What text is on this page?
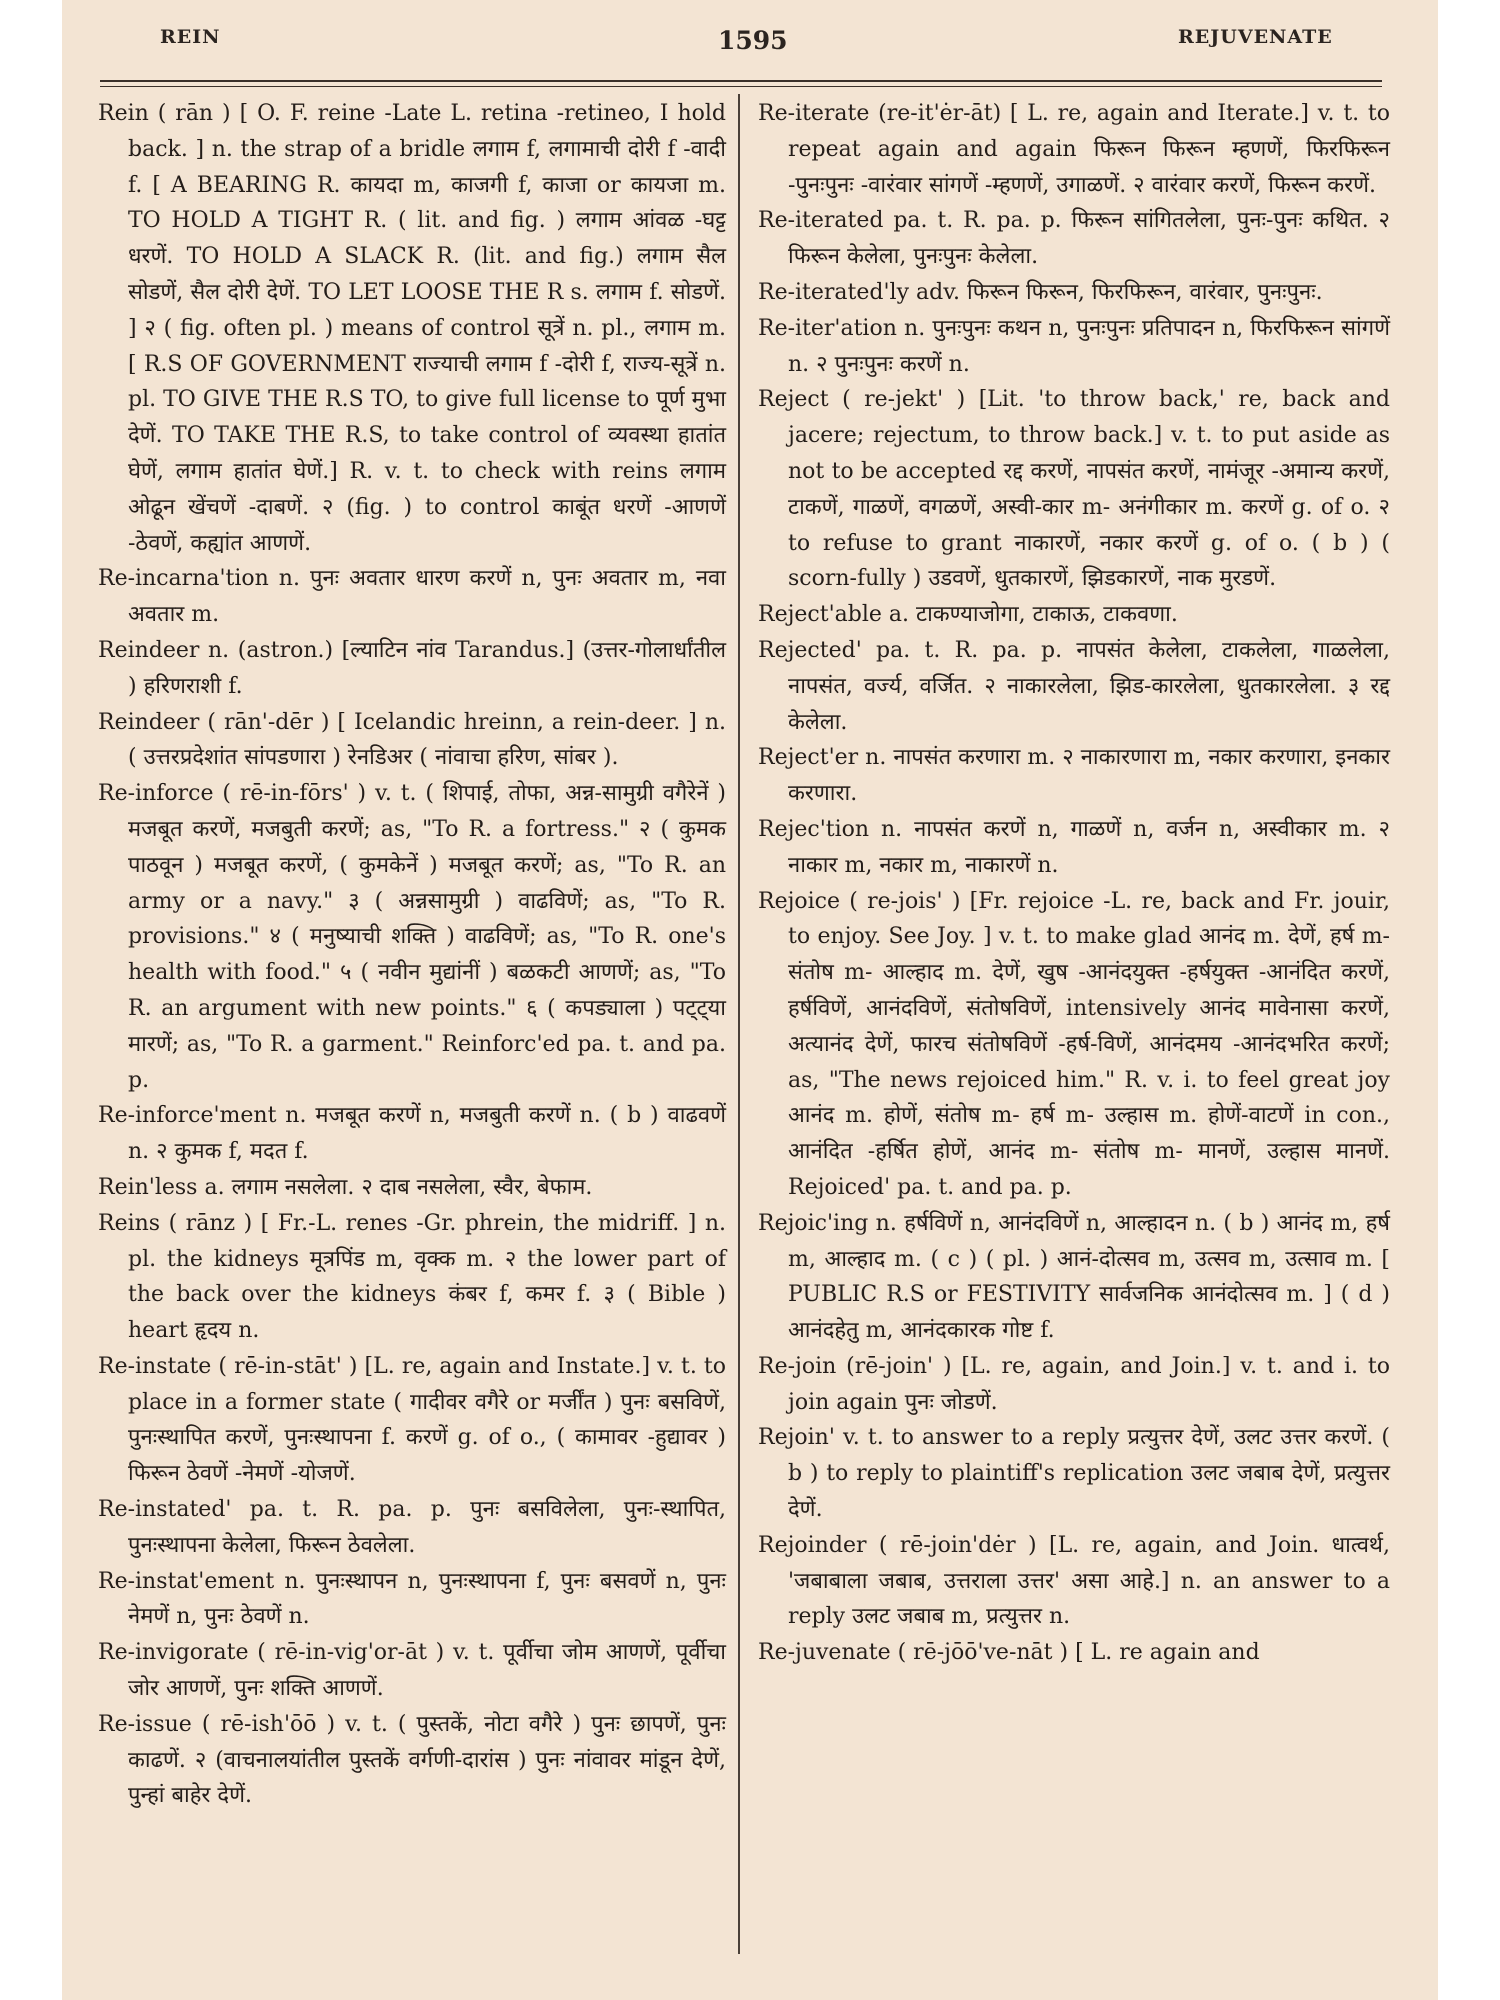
REIN	1595	REJUVENATE

Rein ( rān ) [ O. F. reine -Late L. retina -retineo, I hold back. ] n. the strap of a bridle लगाम f, लगामाची दोरी f -वादी f. [ A BEARING R. कायदा m, काजगी f, काजा or कायजा m. TO HOLD A TIGHT R. ( lit. and fig. ) लगाम आंवळ -घट्ट धरणें. TO HOLD A SLACK R. (lit. and fig.) लगाम सैल सोडणें, सैल दोरी देणें. TO LET LOOSE THE R s. लगाम f. सोडणें. ] २ ( fig. often pl. ) means of control सूत्रें n. pl., लगाम m. [ R.S OF GOVERNMENT राज्याची लगाम f -दोरी f, राज्य-सूत्रें n. pl. TO GIVE THE R.S TO, to give full license to पूर्ण मुभा देणें. TO TAKE THE R.S, to take control of व्यवस्था हातांत घेणें, लगाम हातांत घेणें.] R. v. t. to check with reins लगाम ओढून खेंचणें -दाबणें. २ (fig. ) to control काबूंत धरणें -आणणें -ठेवणें, कह्यांत आणणें.

Re-incarna'tion n. पुनः अवतार धारण करणें n, पुनः अवतार m, नवा अवतार m.

Reindeer n. (astron.) [ल्याटिन नांव Tarandus.] (उत्तर-गोलार्धांतील ) हरिणराशी f.

Reindeer ( rān'-dēr ) [ Icelandic hreinn, a rein-deer. ] n. ( उत्तरप्रदेशांत सांपडणारा ) रेनडिअर ( नांवाचा हरिण, सांबर ).

Re-inforce ( rē-in-fōrs' ) v. t. ( शिपाई, तोफा, अन्न-सामुग्री वगैरेनें ) मजबूत करणें, मजबुती करणें; as, "To R. a fortress." २ ( कुमक पाठवून ) मजबूत करणें, ( कुमकेनें ) मजबूत करणें; as, "To R. an army or a navy." ३ ( अन्नसामुग्री ) वाढविणें; as, "To R. provisions." ४ ( मनुष्याची शक्ति ) वाढविणें; as, "To R. one's health with food." ५ ( नवीन मुद्यांनीं ) बळकटी आणणें; as, "To R. an argument with new points." ६ ( कपड्याला ) पट्ट्या मारणें; as, "To R. a garment." Reinforc'ed pa. t. and pa. p.

Re-inforce'ment n. मजबूत करणें n, मजबुती करणें n. ( b ) वाढवणें n. २ कुमक f, मदत f.

Rein'less a. लगाम नसलेला. २ दाब नसलेला, स्वैर, बेफाम.

Reins ( rānz ) [ Fr.-L. renes -Gr. phrein, the midriff. ] n. pl. the kidneys मूत्रपिंड m, वृक्क m. २ the lower part of the back over the kidneys कंबर f, कमर f. ३ ( Bible ) heart हृदय n.

Re-instate ( rē-in-stāt' ) [L. re, again and Instate.] v. t. to place in a former state ( गादीवर वगैरे or मर्जींत ) पुनः बसविणें, पुनःस्थापित करणें, पुनःस्थापना f. करणें g. of o., ( कामावर -हुद्यावर ) फिरून ठेवणें -नेमणें -योजणें.

Re-instated' pa. t. R. pa. p. पुनः बसविलेला, पुनः-स्थापित, पुनःस्थापना केलेला, फिरून ठेवलेला.

Re-instat'ement n. पुनःस्थापन n, पुनःस्थापना f, पुनः बसवणें n, पुनः नेमणें n, पुनः ठेवणें n.

Re-invigorate ( rē-in-vig'or-āt ) v. t. पूर्वीचा जोम आणणें, पूर्वीचा जोर आणणें, पुनः शक्ति आणणें.

Re-issue ( rē-ish'ōō ) v. t. ( पुस्तकें, नोटा वगैरे ) पुनः छापणें, पुनः काढणें. २ (वाचनालयांतील पुस्तकें वर्गणी-दारांस ) पुनः नांवावर मांडून देणें, पुन्हां बाहेर देणें.

Re-iterate (re-it'ėr-āt) [ L. re, again and Iterate.] v. t. to repeat again and again फिरून फिरून म्हणणें, फिरफिरून -पुनःपुनः -वारंवार सांगणें -म्हणणें, उगाळणें. २ वारंवार करणें, फिरून करणें.

Re-iterated pa. t. R. pa. p. फिरून सांगितलेला, पुनः-पुनः कथित. २ फिरून केलेला, पुनःपुनः केलेला.

Re-iterated'ly adv. फिरून फिरून, फिरफिरून, वारंवार, पुनःपुनः.

Re-iter'ation n. पुनःपुनः कथन n, पुनःपुनः प्रतिपादन n, फिरफिरून सांगणें n. २ पुनःपुनः करणें n.

Reject ( re-jekt' ) [Lit. 'to throw back,' re, back and jacere; rejectum, to throw back.] v. t. to put aside as not to be accepted रद्द करणें, नापसंत करणें, नामंजूर -अमान्य करणें, टाकणें, गाळणें, वगळणें, अस्वी-कार m- अनंगीकार m. करणें g. of o. २ to refuse to grant नाकारणें, नकार करणें g. of o. ( b ) ( scorn-fully ) उडवणें, धुतकारणें, झिडकारणें, नाक मुरडणें.

Reject'able a. टाकण्याजोगा, टाकाऊ, टाकवणा.

Rejected' pa. t. R. pa. p. नापसंत केलेला, टाकलेला, गाळलेला, नापसंत, वर्ज्य, वर्जित. २ नाकारलेला, झिड-कारलेला, धुतकारलेला. ३ रद्द केलेला.

Reject'er n. नापसंत करणारा m. २ नाकारणारा m, नकार करणारा, इनकार करणारा.

Rejec'tion n. नापसंत करणें n, गाळणें n, वर्जन n, अस्वीकार m. २ नाकार m, नकार m, नाकारणें n.

Rejoice ( re-jois' ) [Fr. rejoice -L. re, back and Fr. jouir, to enjoy. See Joy. ] v. t. to make glad आनंद m. देणें, हर्ष m- संतोष m- आल्हाद m. देणें, खुष -आनंदयुक्त -हर्षयुक्त -आनंदित करणें, हर्षविणें, आनंदविणें, संतोषविणें, intensively आनंद मावेनासा करणें, अत्यानंद देणें, फारच संतोषविणें -हर्ष-विणें, आनंदमय -आनंदभरित करणें; as, "The news rejoiced him." R. v. i. to feel great joy आनंद m. होणें, संतोष m- हर्ष m- उल्हास m. होणें-वाटणें in con., आनंदित -हर्षित होणें, आनंद m- संतोष m- मानणें, उल्हास मानणें. Rejoiced' pa. t. and pa. p.

Rejoic'ing n. हर्षविणें n, आनंदविणें n, आल्हादन n. ( b ) आनंद m, हर्ष m, आल्हाद m. ( c ) ( pl. ) आनं-दोत्सव m, उत्सव m, उत्साव m. [ PUBLIC R.S or FESTIVITY सार्वजनिक आनंदोत्सव m. ] ( d ) आनंदहेतु m, आनंदकारक गोष्ट f.

Re-join (rē-join' ) [L. re, again, and Join.] v. t. and i. to join again पुनः जोडणें.

Rejoin' v. t. to answer to a reply प्रत्युत्तर देणें, उलट उत्तर करणें. ( b ) to reply to plaintiff's replication उलट जबाब देणें, प्रत्युत्तर देणें.

Rejoinder ( rē-join'dėr ) [L. re, again, and Join. धात्वर्थ, 'जबाबाला जबाब, उत्तराला उत्तर' असा आहे.] n. an answer to a reply उलट जबाब m, प्रत्युत्तर n.

Re-juvenate ( rē-jōō've-nāt ) [ L. re again and
